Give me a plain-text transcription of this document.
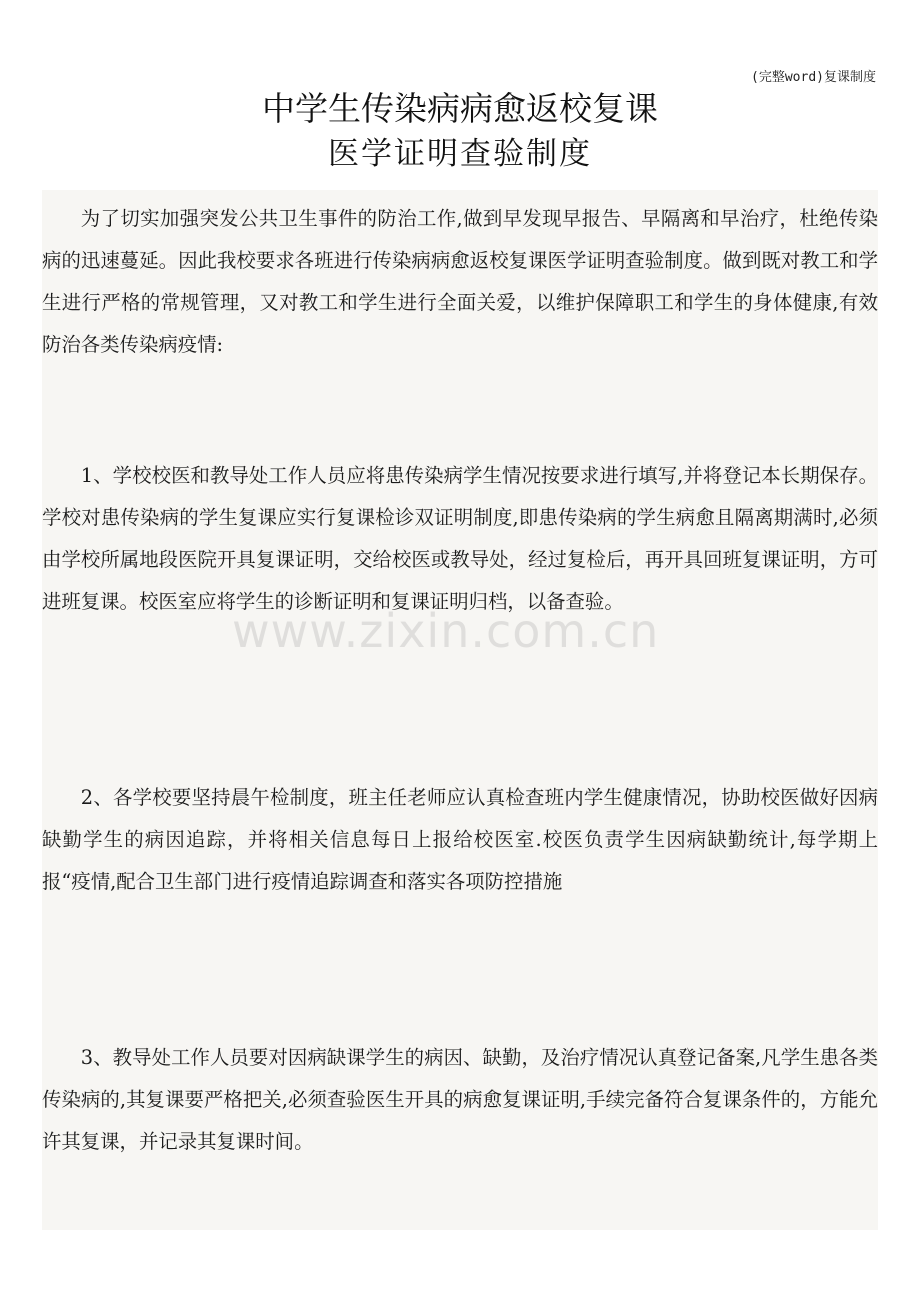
(完整word)复课制度
中学生传染病病愈返校复课
医学证明查验制度

为了切实加强突发公共卫生事件的防治工作,做到早发现早报告、早隔离和早治疗，杜绝传染病的迅速蔓延。因此我校要求各班进行传染病病愈返校复课医学证明查验制度。做到既对教工和学生进行严格的常规管理，又对教工和学生进行全面关爱，以维护保障职工和学生的身体健康,有效防治各类传染病疫情:

1、学校校医和教导处工作人员应将患传染病学生情况按要求进行填写,并将登记本长期保存。学校对患传染病的学生复课应实行复课检诊双证明制度,即患传染病的学生病愈且隔离期满时,必须由学校所属地段医院开具复课证明，交给校医或教导处，经过复检后，再开具回班复课证明，方可进班复课。校医室应将学生的诊断证明和复课证明归档，以备查验。

2、各学校要坚持晨午检制度，班主任老师应认真检查班内学生健康情况，协助校医做好因病缺勤学生的病因追踪，并将相关信息每日上报给校医室.校医负责学生因病缺勤统计,每学期上报“疫情,配合卫生部门进行疫情追踪调查和落实各项防控措施

3、教导处工作人员要对因病缺课学生的病因、缺勤，及治疗情况认真登记备案,凡学生患各类传染病的,其复课要严格把关,必须查验医生开具的病愈复课证明,手续完备符合复课条件的，方能允许其复课，并记录其复课时间。

www.zixin.com.cn
